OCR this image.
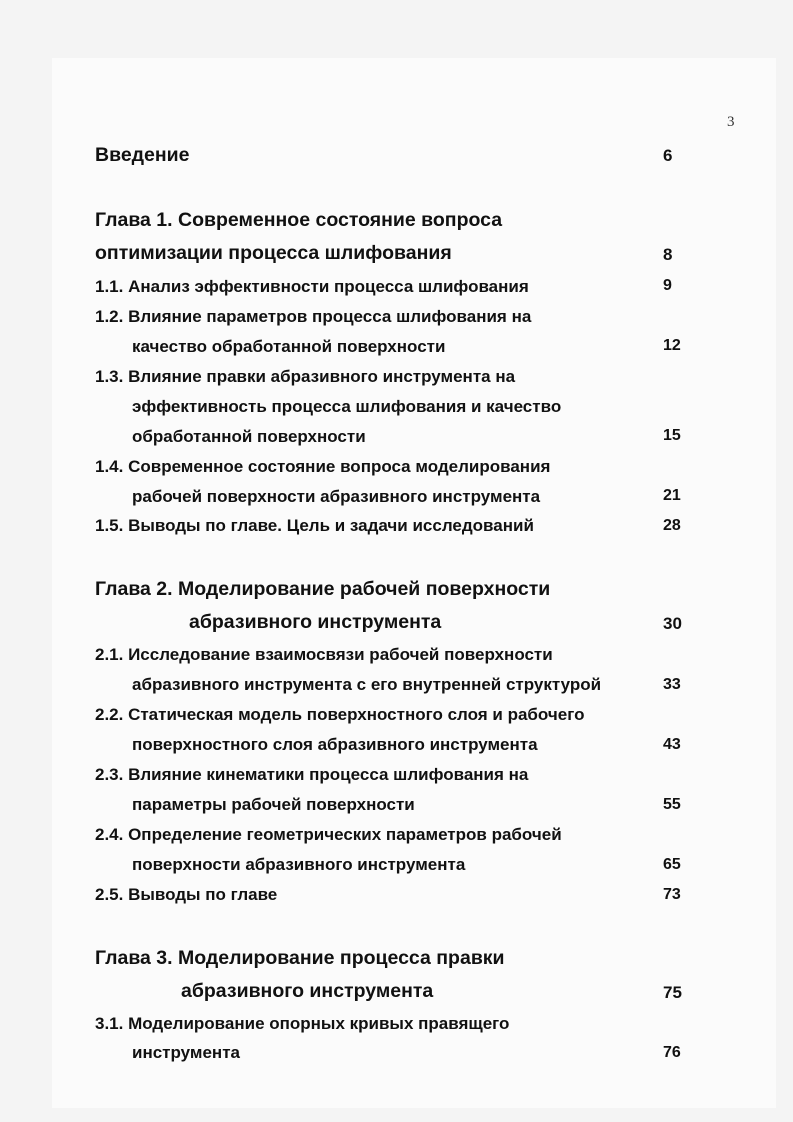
3
Введение	6
Глава 1. Современное состояние вопроса
оптимизации процесса шлифования	8
1.1. Анализ эффективности процесса шлифования	9
1.2. Влияние параметров процесса шлифования на
качество обработанной поверхности	12
1.3. Влияние правки абразивного инструмента на
эффективность процесса шлифования и качество
обработанной поверхности	15
1.4. Современное состояние вопроса моделирования
рабочей поверхности абразивного инструмента	21
1.5. Выводы по главе. Цель и задачи исследований	28
Глава 2. Моделирование рабочей поверхности
абразивного инструмента	30
2.1. Исследование взаимосвязи рабочей поверхности
абразивного инструмента с его внутренней структурой	33
2.2. Статическая модель поверхностного слоя и рабочего
поверхностного слоя абразивного инструмента	43
2.3. Влияние кинематики процесса шлифования на
параметры рабочей поверхности	55
2.4. Определение геометрических параметров рабочей
поверхности абразивного инструмента	65
2.5. Выводы по главе	73
Глава 3. Моделирование процесса правки
абразивного инструмента	75
3.1. Моделирование опорных кривых правящего
инструмента	76
